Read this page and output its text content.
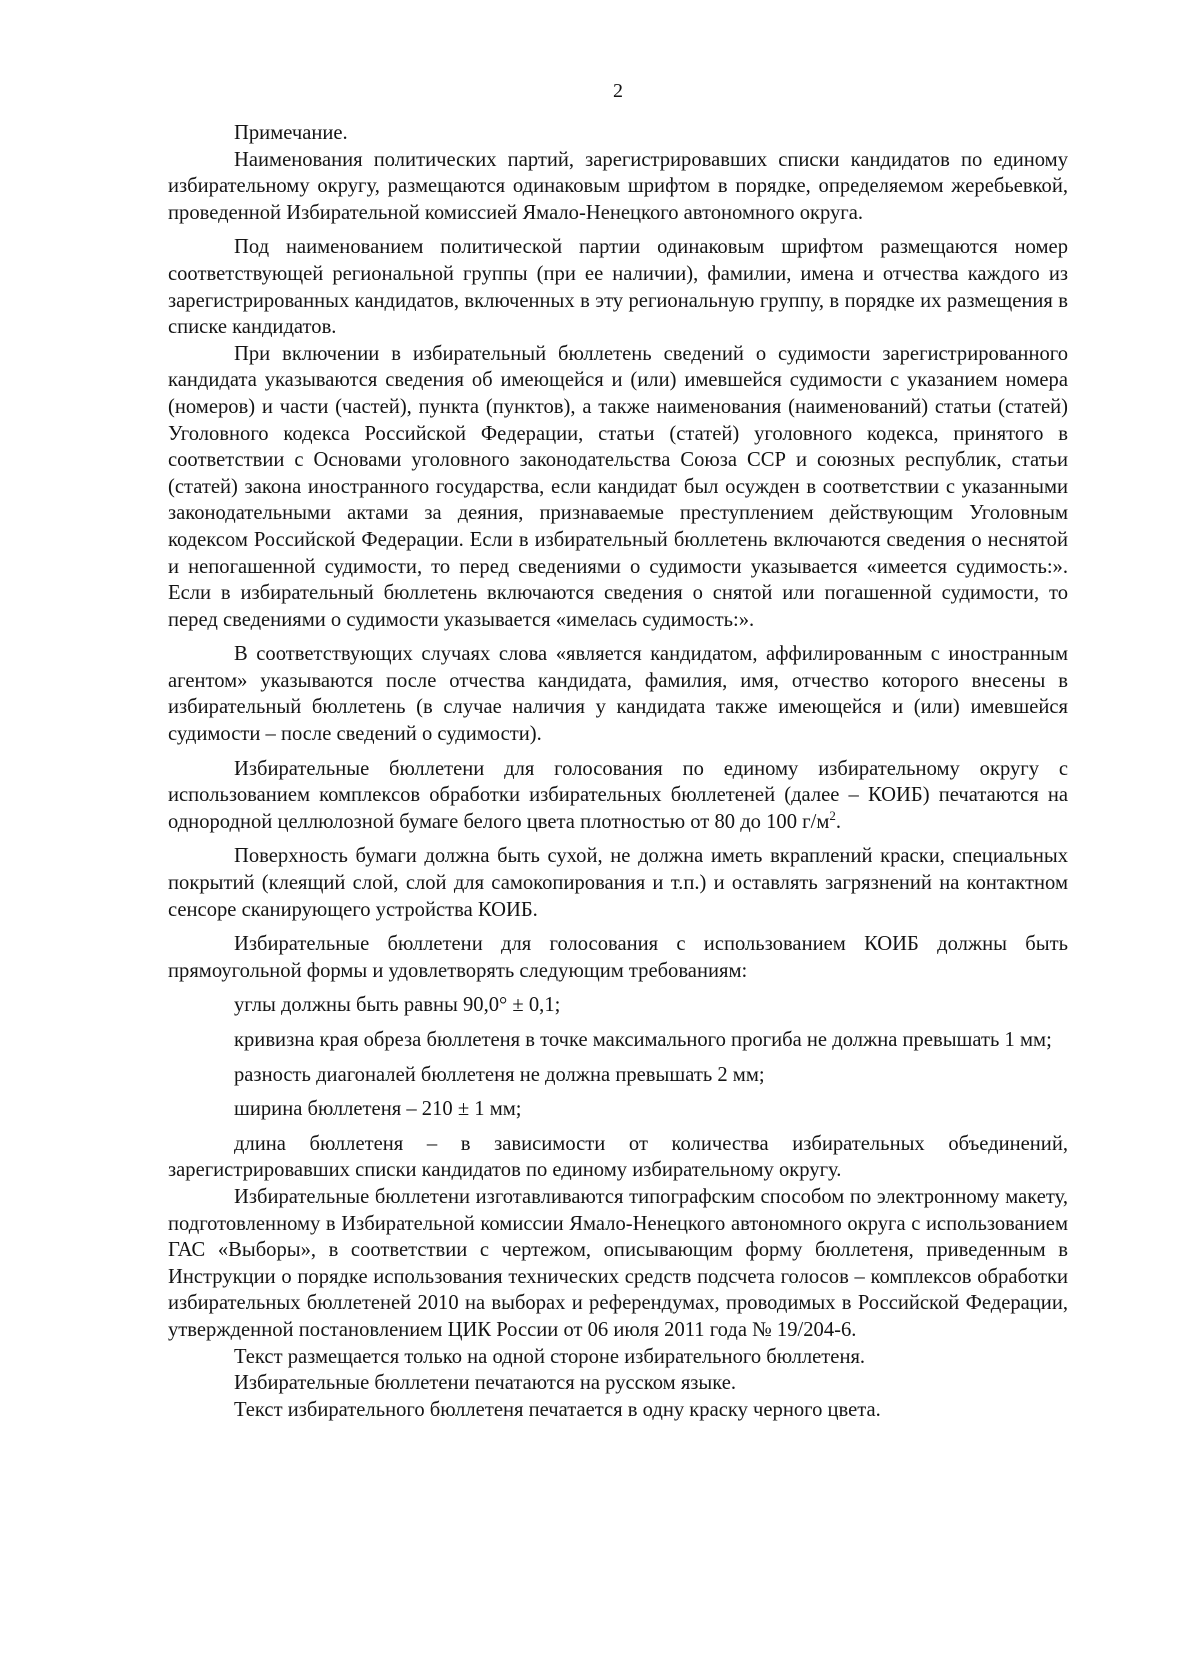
2

Примечание.

Наименования политических партий, зарегистрировавших списки кандидатов по единому избирательному округу, размещаются одинаковым шрифтом в порядке, определяемом жеребьевкой, проведенной Избирательной комиссией Ямало-Ненецкого автономного округа.

Под наименованием политической партии одинаковым шрифтом размещаются номер соответствующей региональной группы (при ее наличии), фамилии, имена и отчества каждого из зарегистрированных кандидатов, включенных в эту региональную группу, в порядке их размещения в списке кандидатов.

При включении в избирательный бюллетень сведений о судимости зарегистрированного кандидата указываются сведения об имеющейся и (или) имевшейся судимости с указанием номера (номеров) и части (частей), пункта (пунктов), а также наименования (наименований) статьи (статей) Уголовного кодекса Российской Федерации, статьи (статей) уголовного кодекса, принятого в соответствии с Основами уголовного законодательства Союза ССР и союзных республик, статьи (статей) закона иностранного государства, если кандидат был осужден в соответствии с указанными законодательными актами за деяния, признаваемые преступлением действующим Уголовным кодексом Российской Федерации. Если в избирательный бюллетень включаются сведения о неснятой и непогашенной судимости, то перед сведениями о судимости указывается «имеется судимость:». Если в избирательный бюллетень включаются сведения о снятой или погашенной судимости, то перед сведениями о судимости указывается «имелась судимость:».

В соответствующих случаях слова «является кандидатом, аффилированным с иностранным агентом» указываются после отчества кандидата, фамилия, имя, отчество которого внесены в избирательный бюллетень (в случае наличия у кандидата также имеющейся и (или) имевшейся судимости – после сведений о судимости).

Избирательные бюллетени для голосования по единому избирательному округу с использованием комплексов обработки избирательных бюллетеней (далее – КОИБ) печатаются на однородной целлюлозной бумаге белого цвета плотностью от 80 до 100 $г/м^2$.

Поверхность бумаги должна быть сухой, не должна иметь вкраплений краски, специальных покрытий (клеящий слой, слой для самокопирования и т.п.) и оставлять загрязнений на контактном сенсоре сканирующего устройства КОИБ.

Избирательные бюллетени для голосования с использованием КОИБ должны быть прямоугольной формы и удовлетворять следующим требованиям:

углы должны быть равны 90,0° ± 0,1;

кривизна края обреза бюллетеня в точке максимального прогиба не должна превышать 1 мм;

разность диагоналей бюллетеня не должна превышать 2 мм;

ширина бюллетеня – 210 ± 1 мм;

длина бюллетеня – в зависимости от количества избирательных объединений, зарегистрировавших списки кандидатов по единому избирательному округу.

Избирательные бюллетени изготавливаются типографским способом по электронному макету, подготовленному в Избирательной комиссии Ямало-Ненецкого автономного округа с использованием ГАС «Выборы», в соответствии с чертежом, описывающим форму бюллетеня, приведенным в Инструкции о порядке использования технических средств подсчета голосов – комплексов обработки избирательных бюллетеней 2010 на выборах и референдумах, проводимых в Российской Федерации, утвержденной постановлением ЦИК России от 06 июля 2011 года № 19/204-6.

Текст размещается только на одной стороне избирательного бюллетеня.

Избирательные бюллетени печатаются на русском языке.

Текст избирательного бюллетеня печатается в одну краску черного цвета.
